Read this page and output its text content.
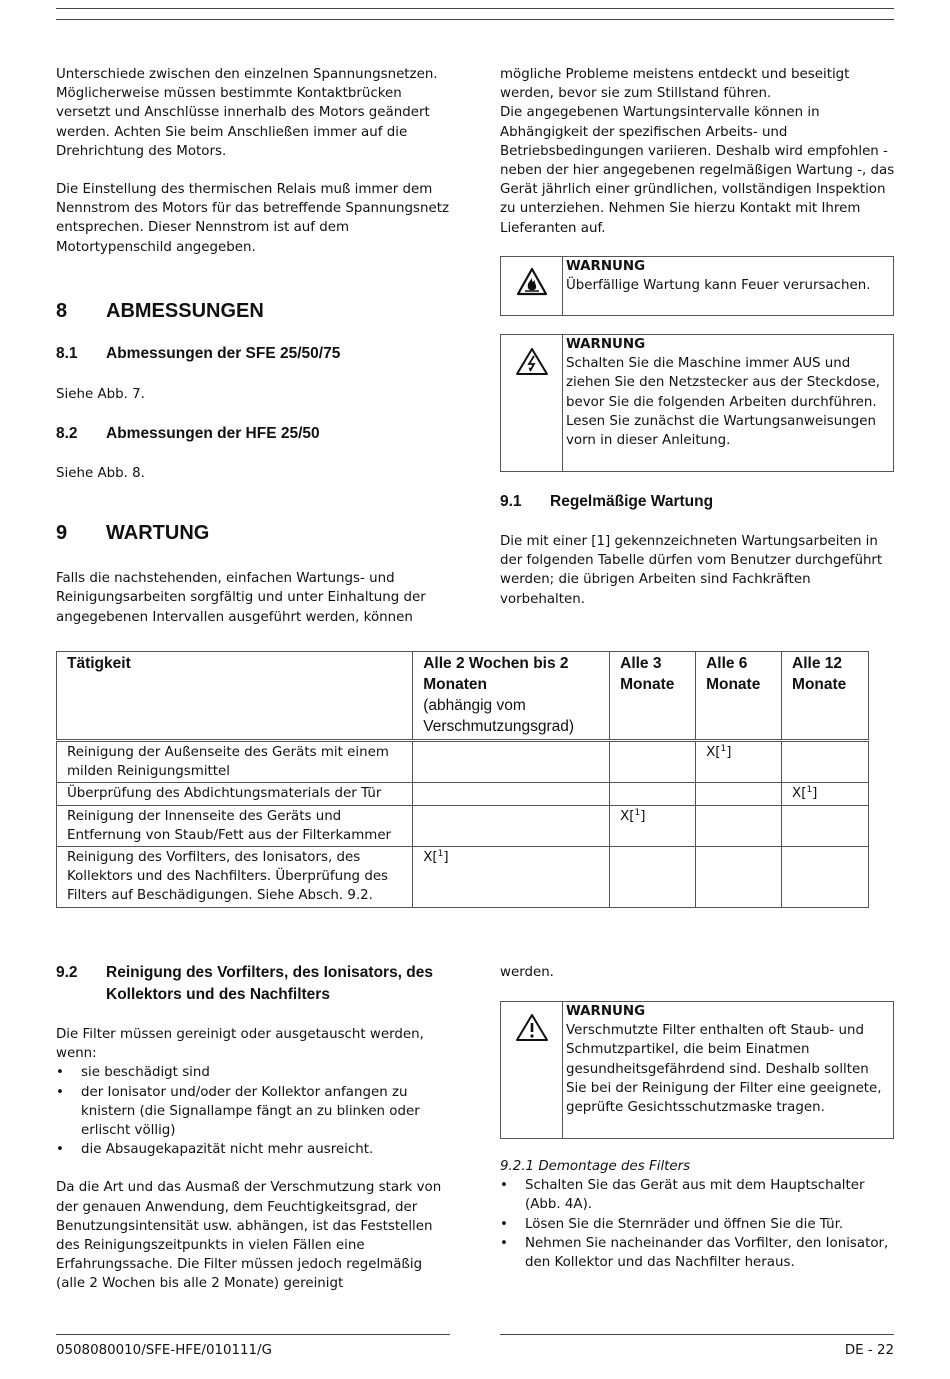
Unterschiede zwischen den einzelnen Spannungsnetzen. Möglicherweise müssen bestimmte Kontaktbrücken versetzt und Anschlüsse innerhalb des Motors geändert werden. Achten Sie beim Anschließen immer auf die Drehrichtung des Motors.

Die Einstellung des thermischen Relais muß immer dem Nennstrom des Motors für das betreffende Spannungsnetz entsprechen. Dieser Nennstrom ist auf dem Motortypenschild angegeben.

8	ABMESSUNGEN
8.1	Abmessungen der SFE 25/50/75

Siehe Abb. 7.

8.2	Abmessungen der HFE 25/50

Siehe Abb. 8.

9	WARTUNG

Falls die nachstehenden, einfachen Wartungs- und Reinigungsarbeiten sorgfältig und unter Einhaltung der angegebenen Intervallen ausgeführt werden, können

mögliche Probleme meistens entdeckt und beseitigt werden, bevor sie zum Stillstand führen.

Die angegebenen Wartungsintervalle können in Abhängigkeit der spezifischen Arbeits- und Betriebsbedingungen variieren. Deshalb wird empfohlen - neben der hier angegebenen regelmäßigen Wartung -, das Gerät jährlich einer gründlichen, vollständigen Inspektion zu unterziehen. Nehmen Sie hierzu Kontakt mit Ihrem Lieferanten auf.

WARNUNG
Überfällige Wartung kann Feuer verursachen.
WARNUNG
Schalten Sie die Maschine immer AUS und ziehen Sie den Netzstecker aus der Steckdose, bevor Sie die folgenden Arbeiten durchführen. Lesen Sie zunächst die Wartungsanweisungen vorn in dieser Anleitung.
9.1	Regelmäßige Wartung

Die mit einer [1] gekennzeichneten Wartungsarbeiten in der folgenden Tabelle dürfen vom Benutzer durchgeführt werden; die übrigen Arbeiten sind Fachkräften vorbehalten.

Tätigkeit	Alle 2 Wochen bis 2 Monaten
(abhängig vom Verschmutzungsgrad)	Alle 3 Monate	Alle 6 Monate	Alle 12 Monate
Reinigung der Außenseite des Geräts mit einem milden Reinigungsmittel			X[$^1$]	
Überprüfung des Abdichtungsmaterials der Tür				X[$^1$]
Reinigung der Innenseite des Geräts und Entfernung von Staub/Fett aus der Filterkammer		X[$^1$]		
Reinigung des Vorfilters, des Ionisators, des Kollektors und des Nachfilters. Überprüfung des Filters auf Beschädigungen. Siehe Absch. 9.2.	X[$^1$]			
9.2	Reinigung des Vorfilters, des Ionisators, des Kollektors und des Nachfilters

Die Filter müssen gereinigt oder ausgetauscht werden, wenn:

• sie beschädigt sind
• der Ionisator und/oder der Kollektor anfangen zu knistern (die Signallampe fängt an zu blinken oder erlischt völlig)
• die Absaugekapazität nicht mehr ausreicht.

Da die Art und das Ausmaß der Verschmutzung stark von der genauen Anwendung, dem Feuchtigkeitsgrad, der Benutzungsintensität usw. abhängen, ist das Feststellen des Reinigungszeitpunkts in vielen Fällen eine Erfahrungssache. Die Filter müssen jedoch regelmäßig (alle 2 Wochen bis alle 2 Monate) gereinigt

werden.

WARNUNG
Verschmutzte Filter enthalten oft Staub- und Schmutzpartikel, die beim Einatmen gesundheitsgefährdend sind. Deshalb sollten Sie bei der Reinigung der Filter eine geeignete, geprüfte Gesichtsschutzmaske tragen.
9.2.1 Demontage des Filters
• Schalten Sie das Gerät aus mit dem Hauptschalter (Abb. 4A).
• Lösen Sie die Sternräder und öffnen Sie die Tür.
• Nehmen Sie nacheinander das Vorfilter, den Ionisator, den Kollektor und das Nachfilter heraus.
0508080010/SFE-HFE/010111/G	DE - 22
